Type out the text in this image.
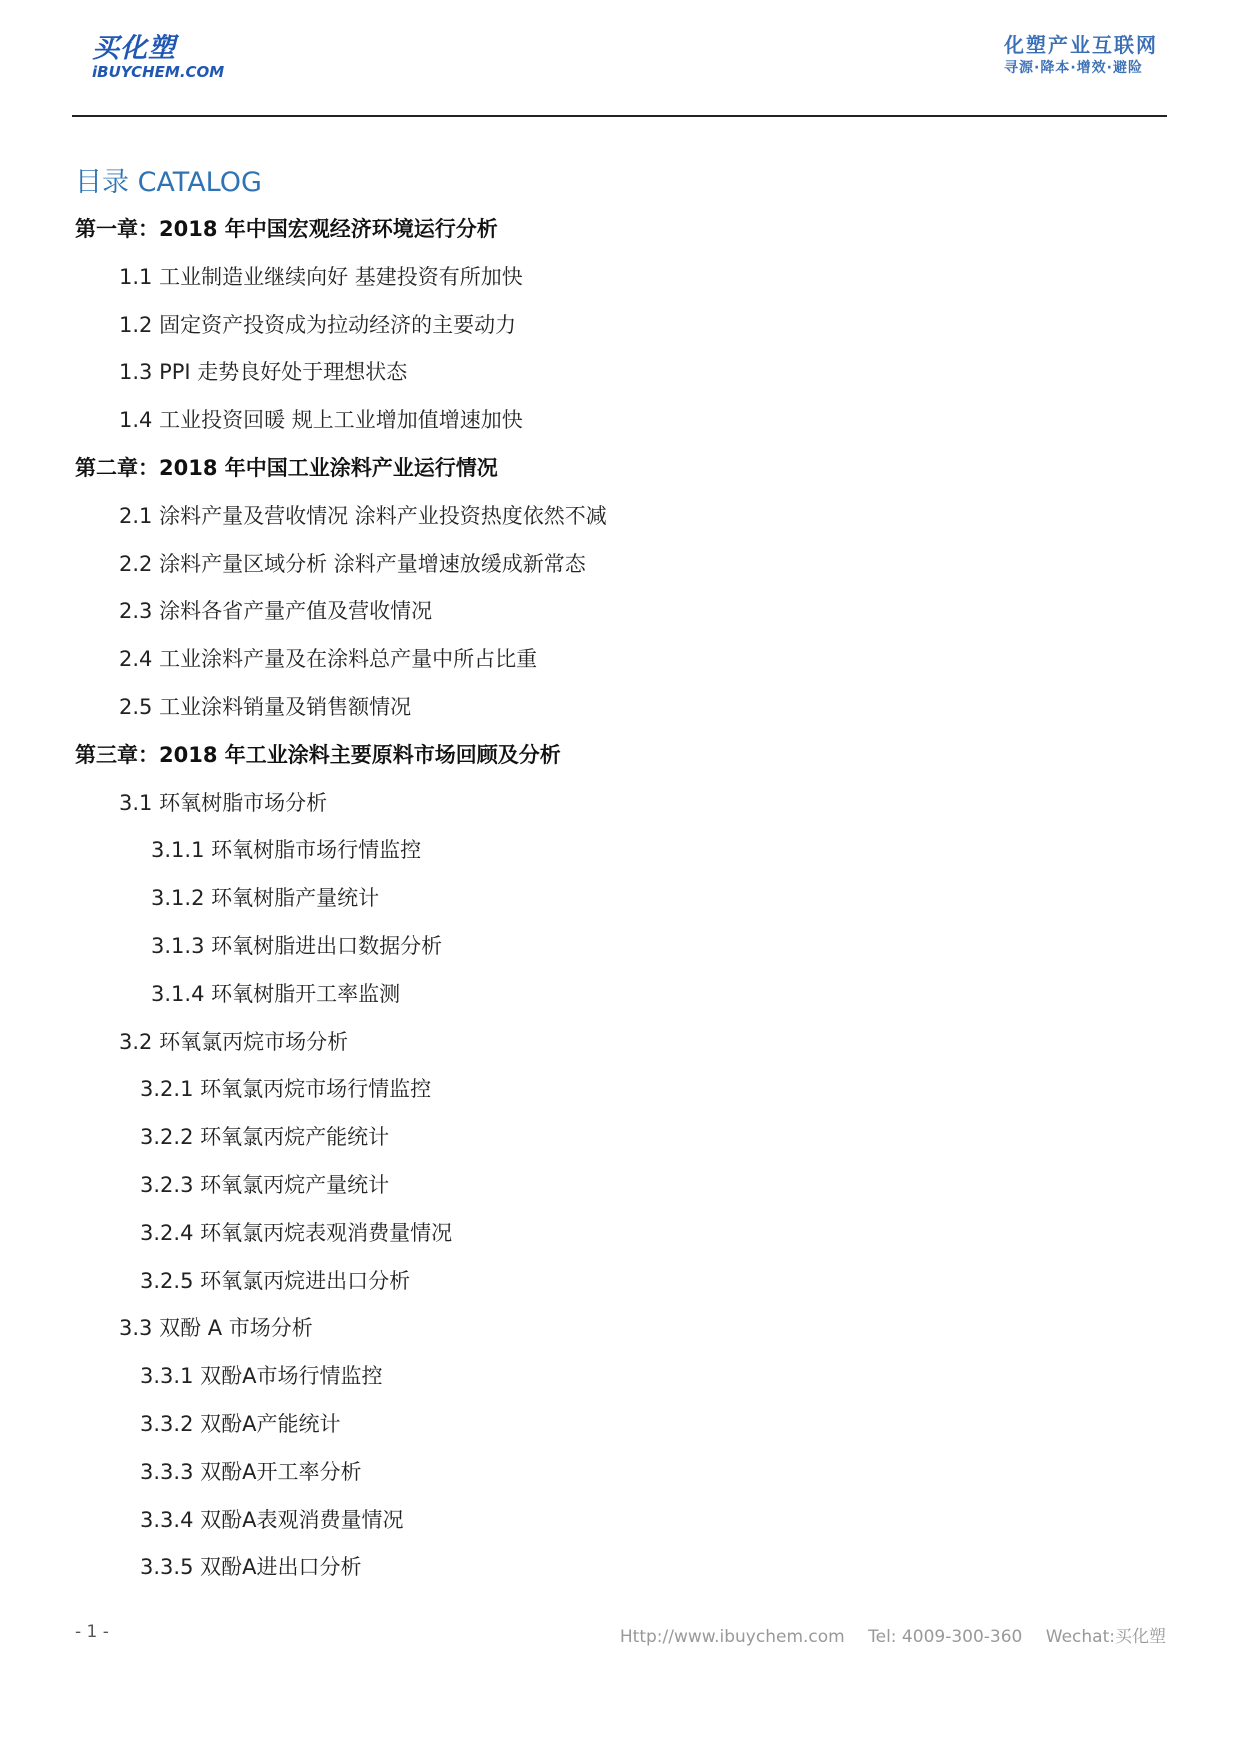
买化塑
iBUYCHEM.COM
化塑产业互联网
寻源·降本·增效·避险
目录 CATALOG
第一章：2018 年中国宏观经济环境运行分析
1.1 工业制造业继续向好 基建投资有所加快
1.2 固定资产投资成为拉动经济的主要动力
1.3 PPI 走势良好处于理想状态
1.4 工业投资回暖 规上工业增加值增速加快
第二章：2018 年中国工业涂料产业运行情况
2.1 涂料产量及营收情况 涂料产业投资热度依然不减
2.2 涂料产量区域分析 涂料产量增速放缓成新常态
2.3 涂料各省产量产值及营收情况
2.4 工业涂料产量及在涂料总产量中所占比重
2.5 工业涂料销量及销售额情况
第三章：2018 年工业涂料主要原料市场回顾及分析
3.1 环氧树脂市场分析
3.1.1 环氧树脂市场行情监控
3.1.2 环氧树脂产量统计
3.1.3 环氧树脂进出口数据分析
3.1.4 环氧树脂开工率监测
3.2 环氧氯丙烷市场分析
3.2.1 环氧氯丙烷市场行情监控
3.2.2 环氧氯丙烷产能统计
3.2.3 环氧氯丙烷产量统计
3.2.4 环氧氯丙烷表观消费量情况
3.2.5 环氧氯丙烷进出口分析
3.3 双酚 A 市场分析
3.3.1 双酚A市场行情监控
3.3.2 双酚A产能统计
3.3.3 双酚A开工率分析
3.3.4 双酚A表观消费量情况
3.3.5 双酚A进出口分析
- 1 -	Http://www.ibuychem.com Tel: 4009-300-360 Wechat:买化塑
